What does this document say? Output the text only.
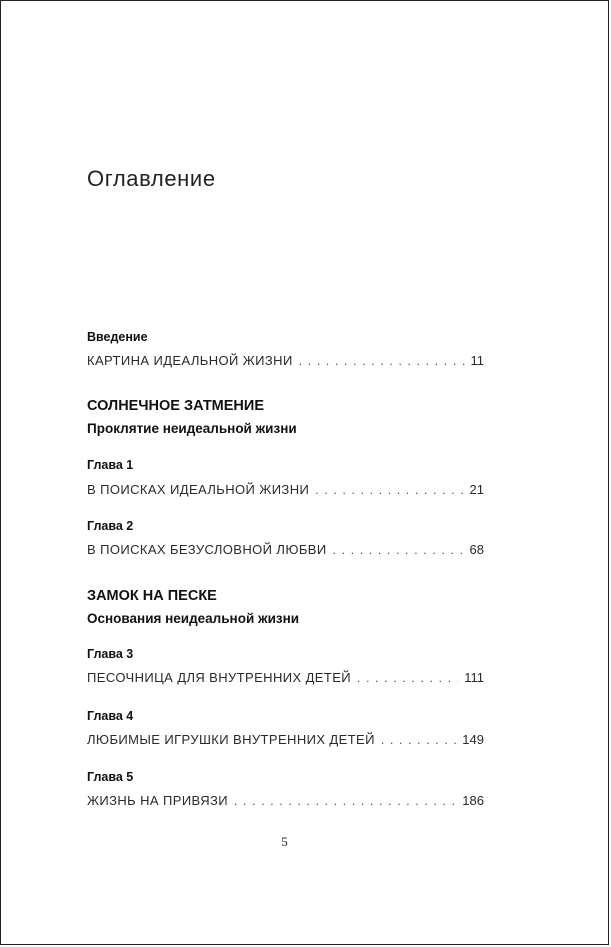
Оглавление
Введение
КАРТИНА ИДЕАЛЬНОЙ ЖИЗНИ . . .	11
СОЛНЕЧНОЕ ЗАТМЕНИЕ
Проклятие неидеальной жизни
Глава 1
В ПОИСКАХ ИДЕАЛЬНОЙ ЖИЗНИ . . .	21
Глава 2
В ПОИСКАХ БЕЗУСЛОВНОЙ ЛЮБВИ . . .	68
ЗАМОК НА ПЕСКЕ
Основания неидеальной жизни
Глава 3
ПЕСОЧНИЦА ДЛЯ ВНУТРЕННИХ ДЕТЕЙ . . .	111
Глава 4
ЛЮБИМЫЕ ИГРУШКИ ВНУТРЕННИХ ДЕТЕЙ . . .	149
Глава 5
ЖИЗНЬ НА ПРИВЯЗИ . . .	186
5
